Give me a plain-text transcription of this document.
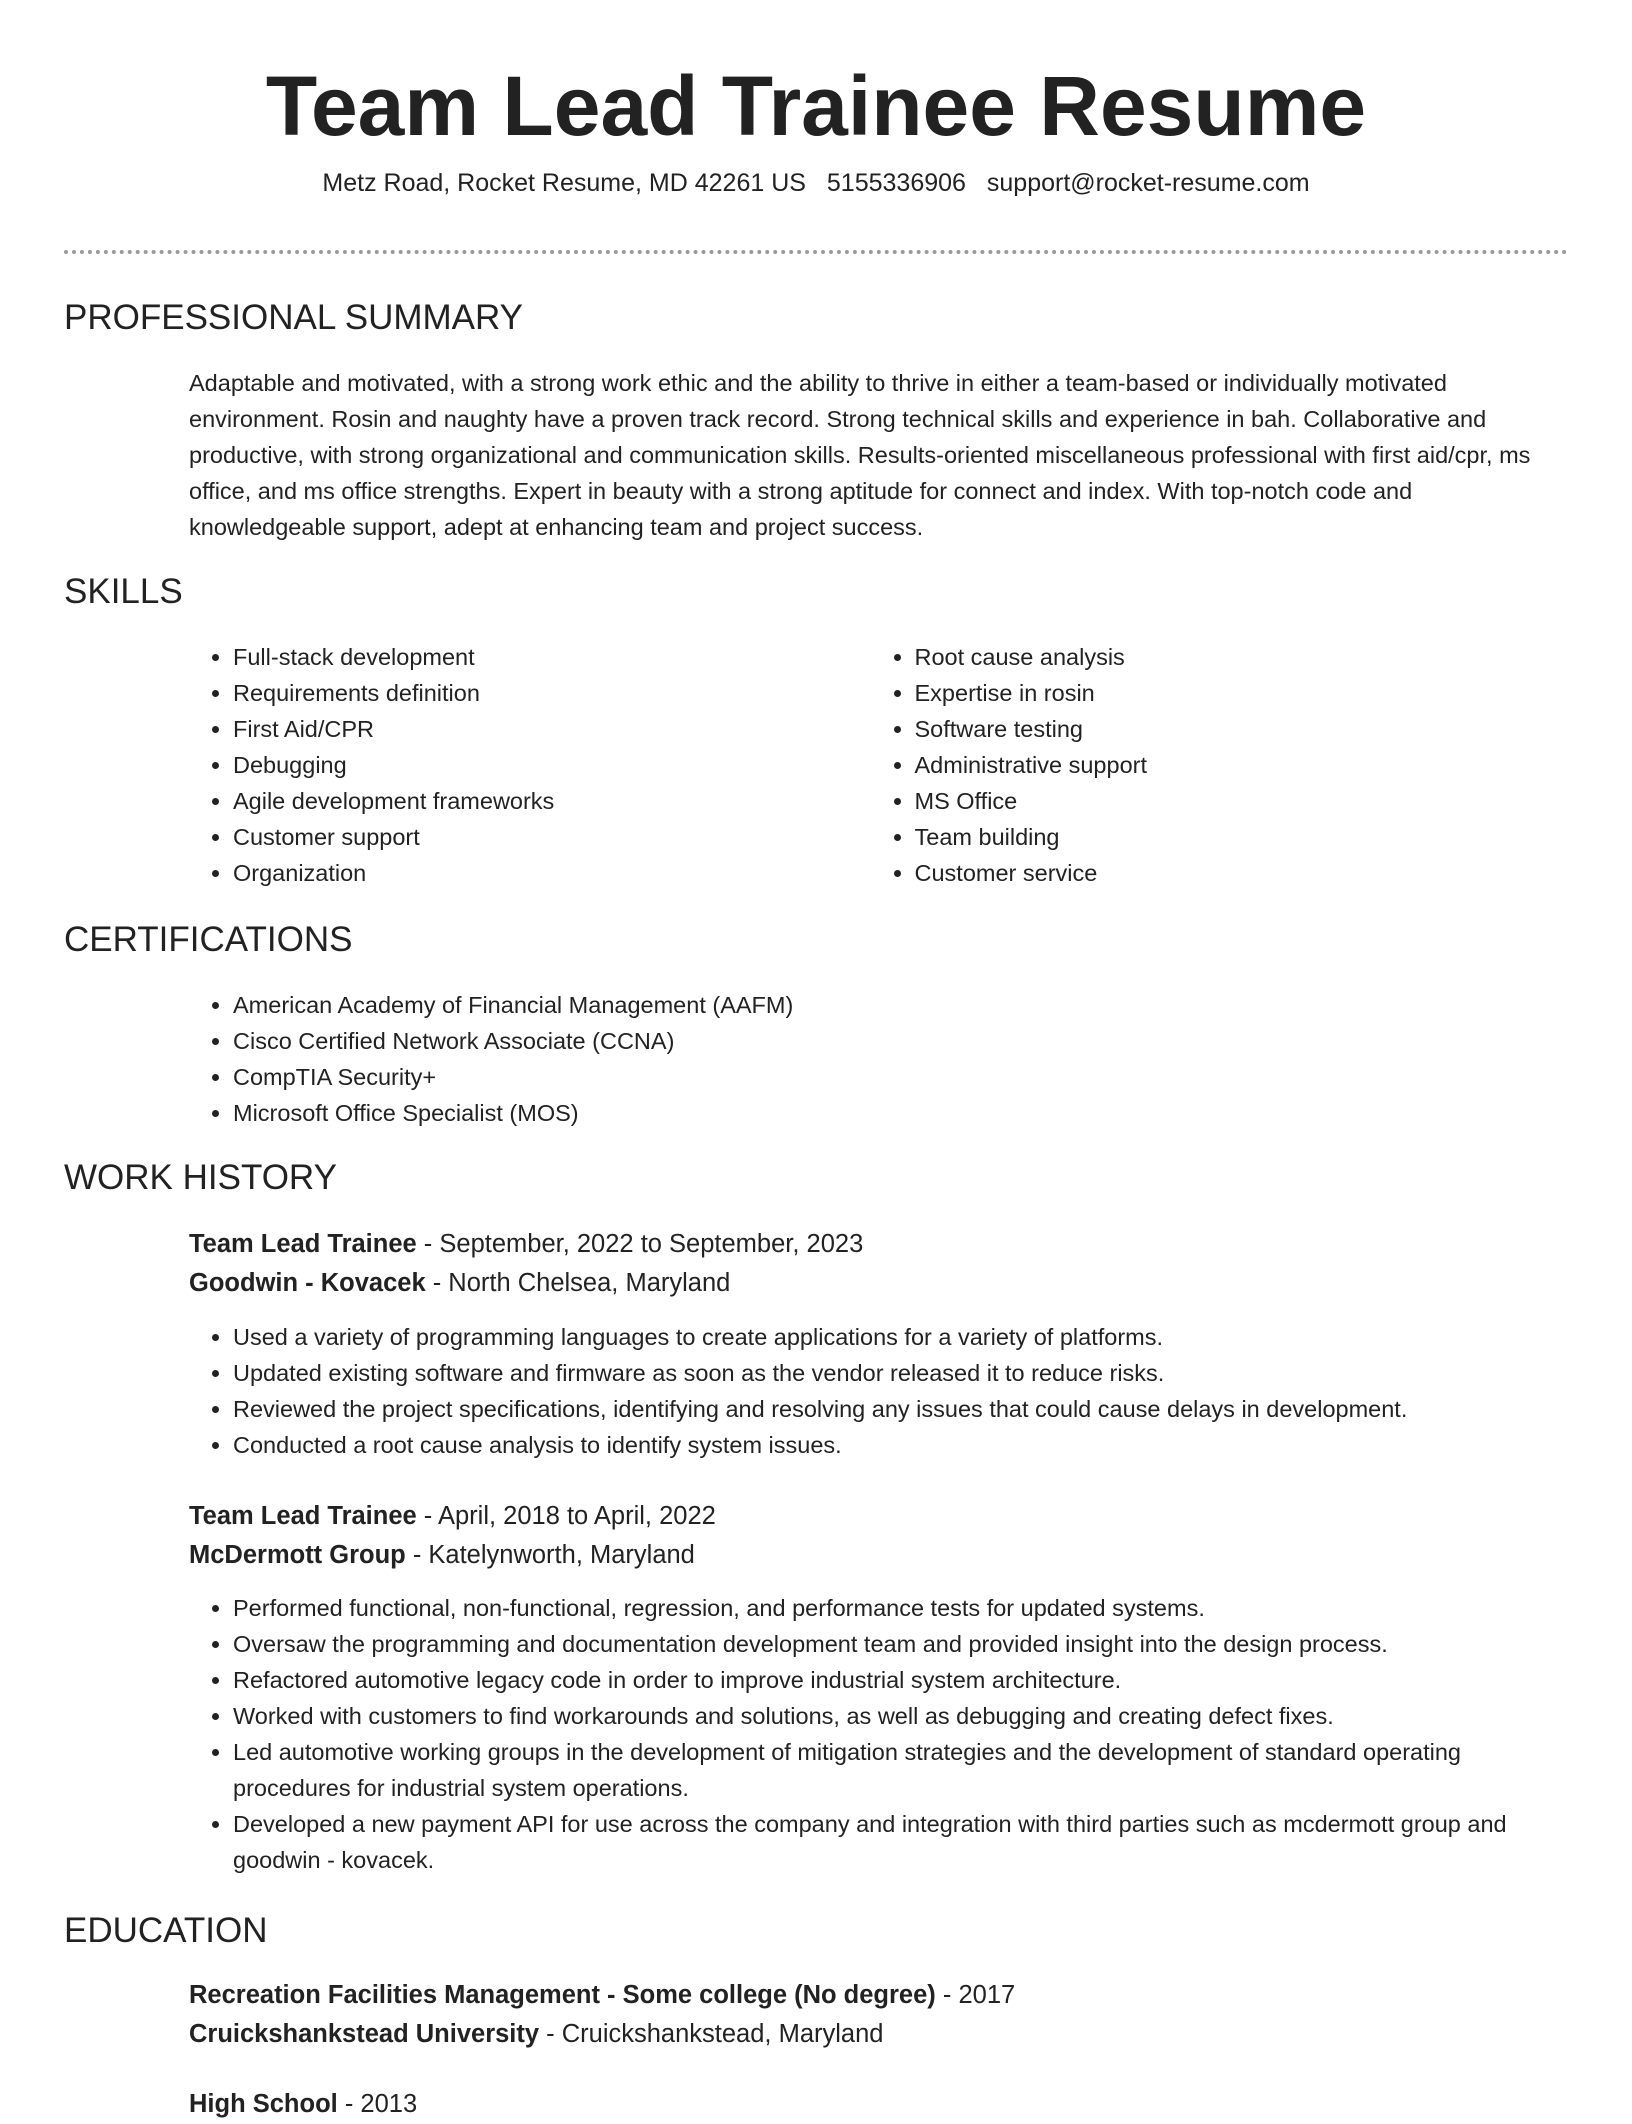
Team Lead Trainee Resume
Metz Road, Rocket Resume, MD 42261 US 5155336906 support@rocket-resume.com
PROFESSIONAL SUMMARY

Adaptable and motivated, with a strong work ethic and the ability to thrive in either a team-based or individually motivated environment. Rosin and naughty have a proven track record. Strong technical skills and experience in bah. Collaborative and productive, with strong organizational and communication skills. Results-oriented miscellaneous professional with first aid/cpr, ms office, and ms office strengths. Expert in beauty with a strong aptitude for connect and index. With top-notch code and knowledgeable support, adept at enhancing team and project success.

SKILLS
• Full-stack development
• Requirements definition
• First Aid/CPR
• Debugging
• Agile development frameworks
• Customer support
• Organization
• Root cause analysis
• Expertise in rosin
• Software testing
• Administrative support
• MS Office
• Team building
• Customer service
CERTIFICATIONS
• American Academy of Financial Management (AAFM)
• Cisco Certified Network Associate (CCNA)
• CompTIA Security+
• Microsoft Office Specialist (MOS)
WORK HISTORY
Team Lead Trainee - September, 2022 to September, 2023
Goodwin - Kovacek - North Chelsea, Maryland
• Used a variety of programming languages to create applications for a variety of platforms.
• Updated existing software and firmware as soon as the vendor released it to reduce risks.
• Reviewed the project specifications, identifying and resolving any issues that could cause delays in development.
• Conducted a root cause analysis to identify system issues.
Team Lead Trainee - April, 2018 to April, 2022
McDermott Group - Katelynworth, Maryland
• Performed functional, non-functional, regression, and performance tests for updated systems.
• Oversaw the programming and documentation development team and provided insight into the design process.
• Refactored automotive legacy code in order to improve industrial system architecture.
• Worked with customers to find workarounds and solutions, as well as debugging and creating defect fixes.
• Led automotive working groups in the development of mitigation strategies and the development of standard operating procedures for industrial system operations.
• Developed a new payment API for use across the company and integration with third parties such as mcdermott group and goodwin - kovacek.
EDUCATION
Recreation Facilities Management - Some college (No degree) - 2017
Cruickshankstead University - Cruickshankstead, Maryland
High School - 2013
